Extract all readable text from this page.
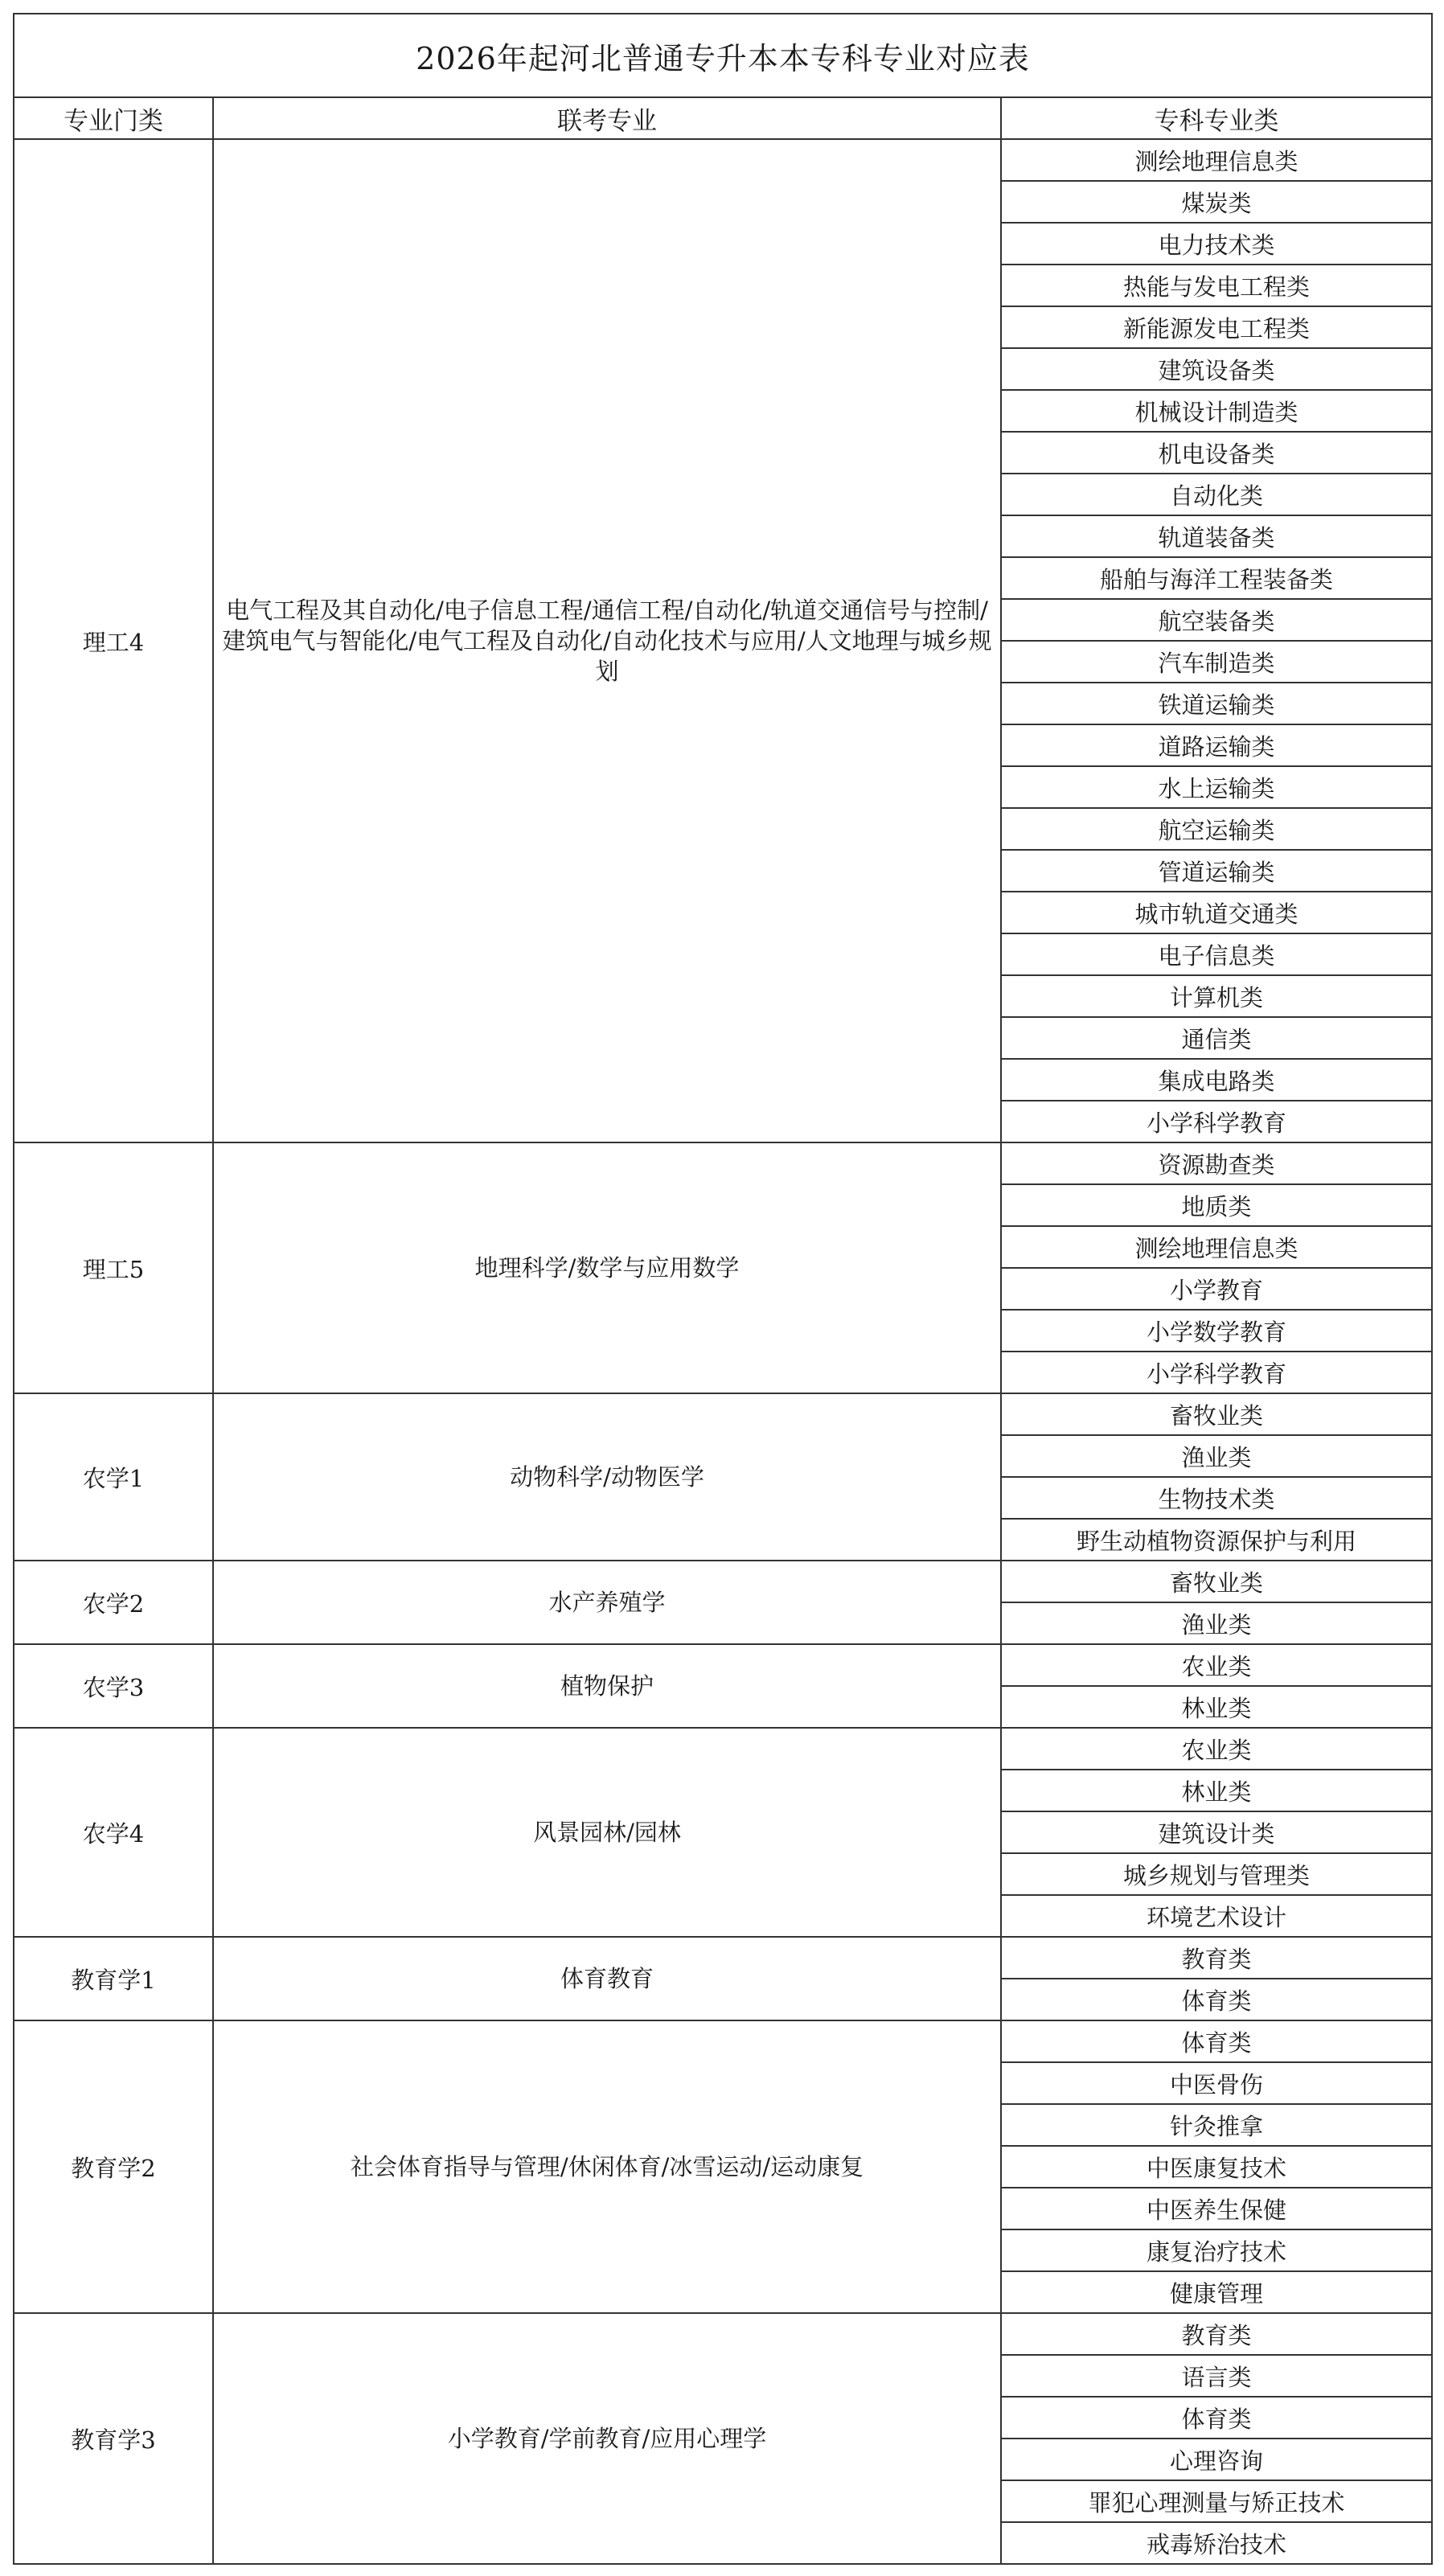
2026年起河北普通专升本本专科专业对应表		
专业门类	联考专业	专科专业类
理工4	电气工程及其自动化/电子信息工程/通信工程/自动化/轨道交通信号与控制/建筑电气与智能化/电气工程及自动化/自动化技术与应用/人文地理与城乡规划	测绘地理信息类
		煤炭类
		电力技术类
		热能与发电工程类
		新能源发电工程类
		建筑设备类
		机械设计制造类
		机电设备类
		自动化类
		轨道装备类
		船舶与海洋工程装备类
		航空装备类
		汽车制造类
		铁道运输类
		道路运输类
		水上运输类
		航空运输类
		管道运输类
		城市轨道交通类
		电子信息类
		计算机类
		通信类
		集成电路类
		小学科学教育
理工5	地理科学/数学与应用数学	资源勘查类
		地质类
		测绘地理信息类
		小学教育
		小学数学教育
		小学科学教育
农学1	动物科学/动物医学	畜牧业类
		渔业类
		生物技术类
		野生动植物资源保护与利用
农学2	水产养殖学	畜牧业类
		渔业类
农学3	植物保护	农业类
		林业类
农学4	风景园林/园林	农业类
		林业类
		建筑设计类
		城乡规划与管理类
		环境艺术设计
教育学1	体育教育	教育类
		体育类
教育学2	社会体育指导与管理/休闲体育/冰雪运动/运动康复	体育类
		中医骨伤
		针灸推拿
		中医康复技术
		中医养生保健
		康复治疗技术
		健康管理
教育学3	小学教育/学前教育/应用心理学	教育类
		语言类
		体育类
		心理咨询
		罪犯心理测量与矫正技术
		戒毒矫治技术
